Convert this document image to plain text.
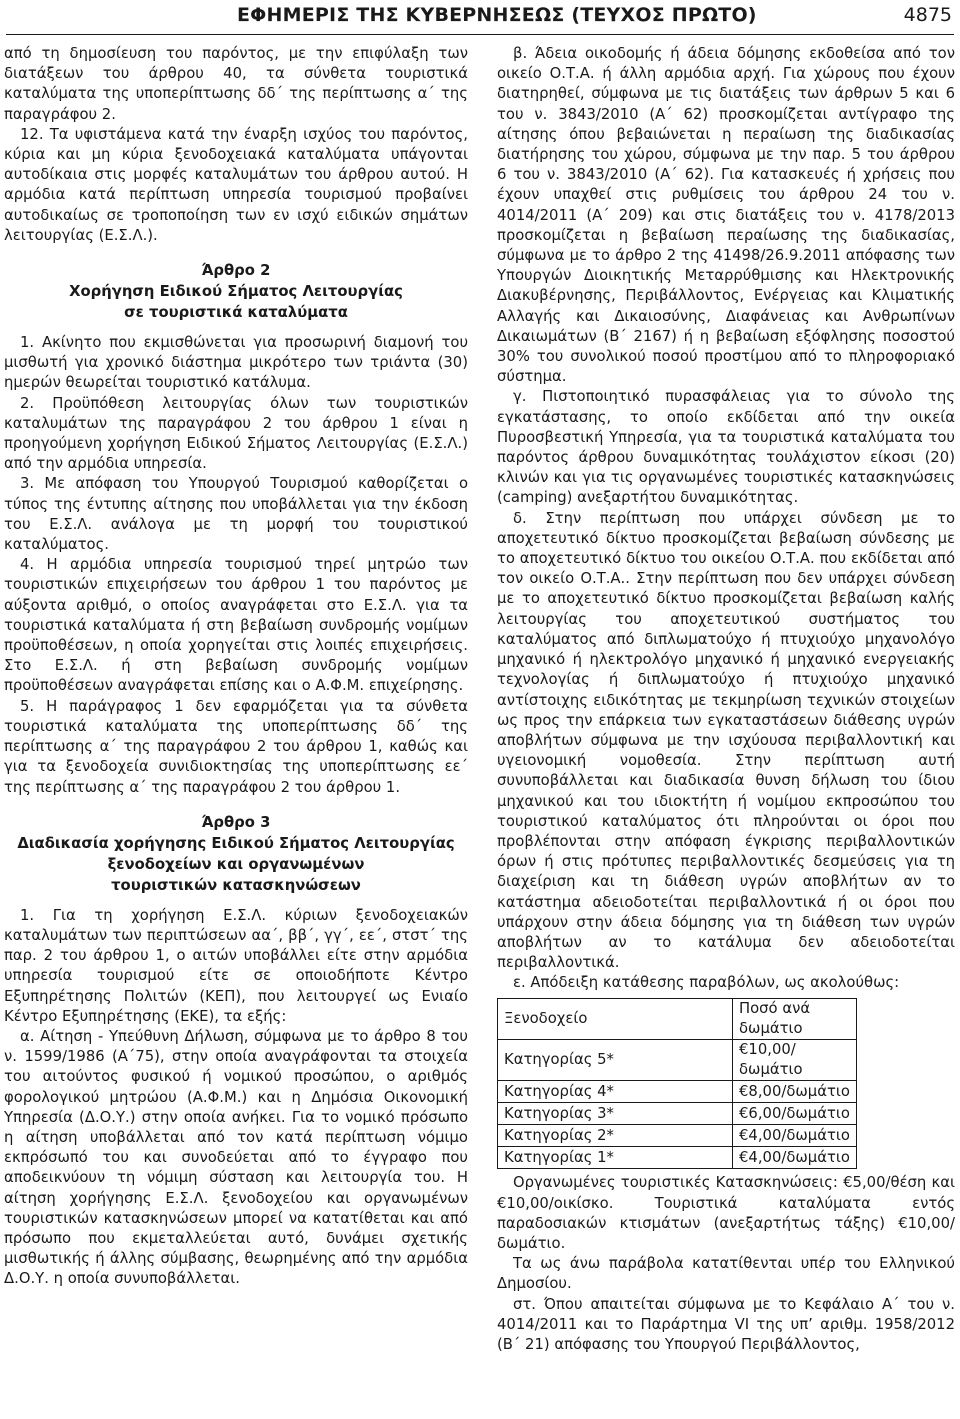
ΕΦΗΜΕΡΙΣ ΤΗΣ ΚΥΒΕΡΝΗΣΕΩΣ (ΤΕΥΧΟΣ ΠΡΩΤΟ)	4875

από τη δημοσίευση του παρόντος, με την επιφύλαξη των διατάξεων του άρθρου 40, τα σύνθετα τουριστικά καταλύματα της υποπερίπτωσης δδ΄ της περίπτωσης α΄ της παραγράφου 2.

12. Τα υφιστάμενα κατά την έναρξη ισχύος του παρόντος, κύρια και μη κύρια ξενοδοχειακά καταλύματα υπάγονται αυτοδίκαια στις μορφές καταλυμάτων του άρθρου αυτού. Η αρμόδια κατά περίπτωση υπηρεσία τουρισμού προβαίνει αυτοδικαίως σε τροποποίηση των εν ισχύ ειδικών σημάτων λειτουργίας (Ε.Σ.Λ.).

Άρθρο 2
Χορήγηση Ειδικού Σήματος Λειτουργίας
σε τουριστικά καταλύματα

1. Ακίνητο που εκμισθώνεται για προσωρινή διαμονή του μισθωτή για χρονικό διάστημα μικρότερο των τριάντα (30) ημερών θεωρείται τουριστικό κατάλυμα.

2. Προϋπόθεση λειτουργίας όλων των τουριστικών καταλυμάτων της παραγράφου 2 του άρθρου 1 είναι η προηγούμενη χορήγηση Ειδικού Σήματος Λειτουργίας (Ε.Σ.Λ.) από την αρμόδια υπηρεσία.

3. Με απόφαση του Υπουργού Τουρισμού καθορίζεται ο τύπος της έντυπης αίτησης που υποβάλλεται για την έκδοση του Ε.Σ.Λ. ανάλογα με τη μορφή του τουριστικού καταλύματος.

4. Η αρμόδια υπηρεσία τουρισμού τηρεί μητρώο των τουριστικών επιχειρήσεων του άρθρου 1 του παρόντος με αύξοντα αριθμό, ο οποίος αναγράφεται στο Ε.Σ.Λ. για τα τουριστικά καταλύματα ή στη βεβαίωση συνδρομής νομίμων προϋποθέσεων, η οποία χορηγείται στις λοιπές επιχειρήσεις. Στο Ε.Σ.Λ. ή στη βεβαίωση συνδρομής νομίμων προϋποθέσεων αναγράφεται επίσης και ο Α.Φ.Μ. επιχείρησης.

5. Η παράγραφος 1 δεν εφαρμόζεται για τα σύνθετα τουριστικά καταλύματα της υποπερίπτωσης δδ΄ της περίπτωσης α΄ της παραγράφου 2 του άρθρου 1, καθώς και για τα ξενοδοχεία συνιδιοκτησίας της υποπερίπτωσης εε΄ της περίπτωσης α΄ της παραγράφου 2 του άρθρου 1.

Άρθρο 3
Διαδικασία χορήγησης Ειδικού Σήματος Λειτουργίας
ξενοδοχείων και οργανωμένων
τουριστικών κατασκηνώσεων

1. Για τη χορήγηση Ε.Σ.Λ. κύριων ξενοδοχειακών καταλυμάτων των περιπτώσεων αα΄, ββ΄, γγ΄, εε΄, στστ΄ της παρ. 2 του άρθρου 1, ο αιτών υποβάλλει είτε στην αρμόδια υπηρεσία τουρισμού είτε σε οποιοδήποτε Κέντρο Εξυπηρέτησης Πολιτών (ΚΕΠ), που λειτουργεί ως Ενιαίο Κέντρο Εξυπηρέτησης (ΕΚΕ), τα εξής:

α. Αίτηση - Υπεύθυνη Δήλωση, σύμφωνα με το άρθρο 8 του ν. 1599/1986 (Α΄75), στην οποία αναγράφονται τα στοιχεία του αιτούντος φυσικού ή νομικού προσώπου, ο αριθμός φορολογικού μητρώου (Α.Φ.Μ.) και η Δημόσια Οικονομική Υπηρεσία (Δ.Ο.Υ.) στην οποία ανήκει. Για το νομικό πρόσωπο η αίτηση υποβάλλεται από τον κατά περίπτωση νόμιμο εκπρόσωπό του και συνοδεύεται από το έγγραφο που αποδεικνύουν τη νόμιμη σύσταση και λειτουργία του. Η αίτηση χορήγησης Ε.Σ.Λ. ξενοδοχείου και οργανωμένων τουριστικών κατασκηνώσεων μπορεί να κατατίθεται και από πρόσωπο που εκμεταλλεύεται αυτό, δυνάμει σχετικής μισθωτικής ή άλλης σύμβασης, θεωρημένης από την αρμόδια Δ.Ο.Υ. η οποία συνυποβάλλεται.

β. Άδεια οικοδομής ή άδεια δόμησης εκδοθείσα από τον οικείο Ο.Τ.Α. ή άλλη αρμόδια αρχή. Για χώρους που έχουν διατηρηθεί, σύμφωνα με τις διατάξεις των άρθρων 5 και 6 του ν. 3843/2010 (Α΄ 62) προσκομίζεται αντίγραφο της αίτησης όπου βεβαιώνεται η περαίωση της διαδικασίας διατήρησης του χώρου, σύμφωνα με την παρ. 5 του άρθρου 6 του ν. 3843/2010 (Α΄ 62). Για κατασκευές ή χρήσεις που έχουν υπαχθεί στις ρυθμίσεις του άρθρου 24 του ν. 4014/2011 (Α΄ 209) και στις διατάξεις του ν. 4178/2013 προσκομίζεται η βεβαίωση περαίωσης της διαδικασίας, σύμφωνα με το άρθρο 2 της 41498/26.9.2011 απόφασης των Υπουργών Διοικητικής Μεταρρύθμισης και Ηλεκτρονικής Διακυβέρνησης, Περιβάλλοντος, Ενέργειας και Κλιματικής Αλλαγής και Δικαιοσύνης, Διαφάνειας και Ανθρωπίνων Δικαιωμάτων (Β΄ 2167) ή η βεβαίωση εξόφλησης ποσοστού 30% του συνολικού ποσού προστίμου από το πληροφοριακό σύστημα.

γ. Πιστοποιητικό πυρασφάλειας για το σύνολο της εγκατάστασης, το οποίο εκδίδεται από την οικεία Πυροσβεστική Υπηρεσία, για τα τουριστικά καταλύματα του παρόντος άρθρου δυναμικότητας τουλάχιστον είκοσι (20) κλινών και για τις οργανωμένες τουριστικές κατασκηνώσεις (camping) ανεξαρτήτου δυναμικότητας.

δ. Στην περίπτωση που υπάρχει σύνδεση με το αποχετευτικό δίκτυο προσκομίζεται βεβαίωση σύνδεσης με το αποχετευτικό δίκτυο του οικείου Ο.Τ.Α. που εκδίδεται από τον οικείο Ο.Τ.Α.. Στην περίπτωση που δεν υπάρχει σύνδεση με το αποχετευτικό δίκτυο προσκομίζεται βεβαίωση καλής λειτουργίας του αποχετευτικού συστήματος του καταλύματος από διπλωματούχο ή πτυχιούχο μηχανολόγο μηχανικό ή ηλεκτρολόγο μηχανικό ή μηχανικό ενεργειακής τεχνολογίας ή διπλωματούχο ή πτυχιούχο μηχανικό αντίστοιχης ειδικότητας με τεκμηρίωση τεχνικών στοιχείων ως προς την επάρκεια των εγκαταστάσεων διάθεσης υγρών αποβλήτων σύμφωνα με την ισχύουσα περιβαλλοντική και υγειονομική νομοθεσία. Στην περίπτωση αυτή συνυποβάλλεται και διαδικασία θυνση δήλωση του ίδιου μηχανικού και του ιδιοκτήτη ή νομίμου εκπροσώπου του τουριστικού καταλύματος ότι πληρούνται οι όροι που προβλέπονται στην απόφαση έγκρισης περιβαλλοντικών όρων ή στις πρότυπες περιβαλλοντικές δεσμεύσεις για τη διαχείριση και τη διάθεση υγρών αποβλήτων αν το κατάστημα αδειοδοτείται περιβαλλοντικά ή οι όροι που υπάρχουν στην άδεια δόμησης για τη διάθεση των υγρών αποβλήτων αν το κατάλυμα δεν αδειοδοτείται περιβαλλοντικά.

ε. Απόδειξη κατάθεσης παραβόλων, ως ακολούθως:

Ξενοδοχείο	Ποσό ανά δωμάτιο
Κατηγορίας 5*	€10,00/δωμάτιο
Κατηγορίας 4*	€8,00/δωμάτιο
Κατηγορίας 3*	€6,00/δωμάτιο
Κατηγορίας 2*	€4,00/δωμάτιο
Κατηγορίας 1*	€4,00/δωμάτιο

Οργανωμένες τουριστικές Κατασκηνώσεις: €5,00/θέση και €10,00/οικίσκο. Τουριστικά καταλύματα εντός παραδοσιακών κτισμάτων (ανεξαρτήτως τάξης) €10,00/δωμάτιο.

Τα ως άνω παράβολα κατατίθενται υπέρ του Ελληνικού Δημοσίου.

στ. Όπου απαιτείται σύμφωνα με το Κεφάλαιο Α΄ του ν. 4014/2011 και το Παράρτημα VI της υπ’ αριθμ. 1958/2012 (Β΄ 21) απόφασης του Υπουργού Περιβάλλοντος,
